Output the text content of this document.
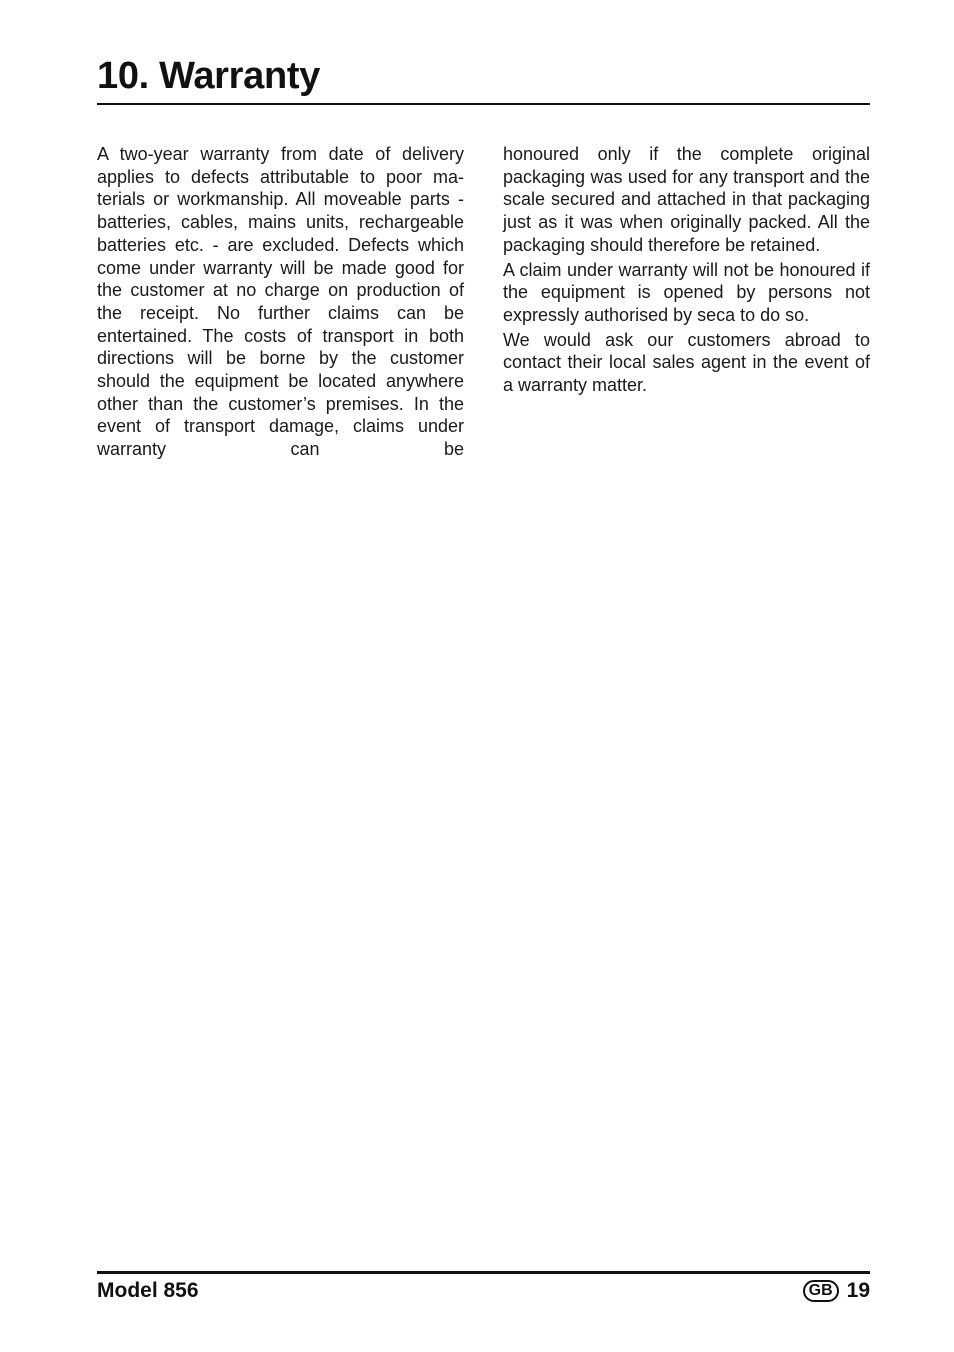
10. Warranty

A two-year warranty from date of delivery applies to defects attributable to poor materials or workmanship. All moveable parts - batteries, cables, mains units, rechargeable batteries etc. - are excluded. Defects which come under warranty will be made good for the customer at no charge on production of the receipt. No further claims can be entertained. The costs of transport in both directions will be borne by the customer should the equipment be located anywhere other than the customer’s premises. In the event of transport damage, claims under warranty can be

honoured only if the complete original packaging was used for any transport and the scale secured and attached in that packaging just as it was when originally packed. All the packaging should therefore be retained.

A claim under warranty will not be honoured if the equipment is opened by persons not expressly authorised by seca to do so.

We would ask our customers abroad to contact their local sales agent in the event of a warranty matter.

Model 856	GB 19
